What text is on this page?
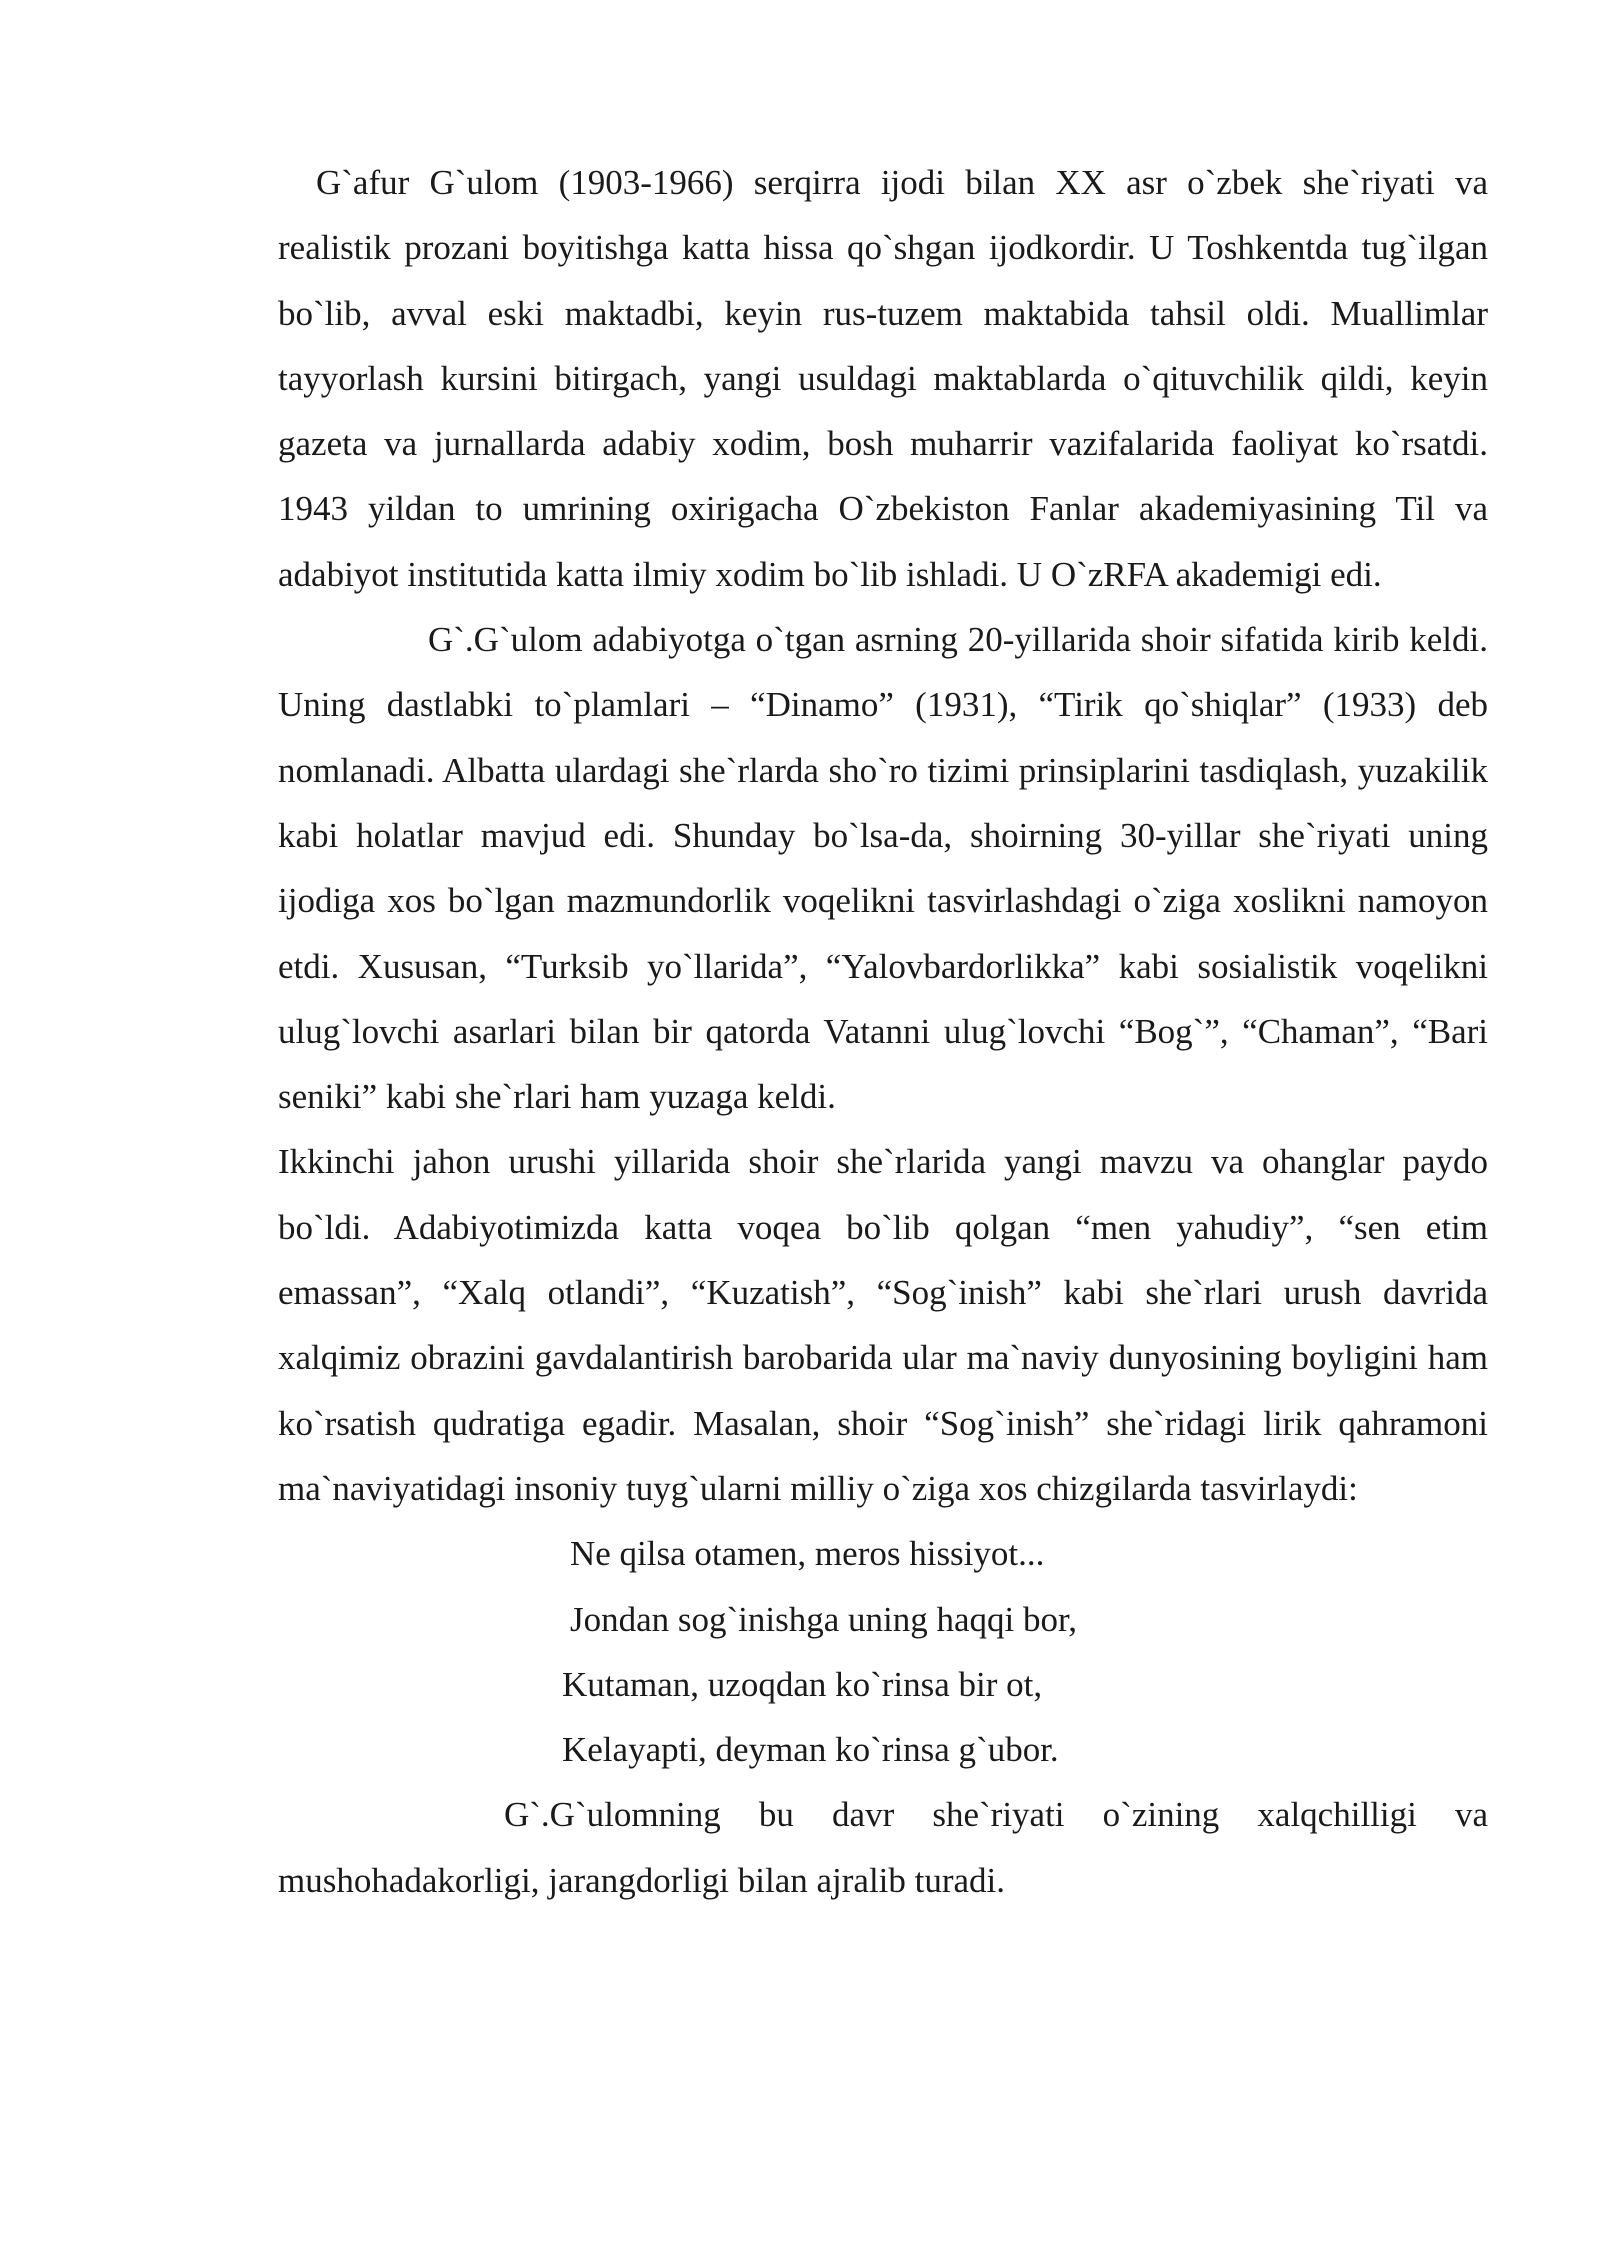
G`afur G`ulom (1903-1966) serqirra ijodi bilan XX asr o`zbek she`riyati va realistik prozani boyitishga katta hissa qo`shgan ijodkordir. U Toshkentda tug`ilgan bo`lib, avval eski maktadbi, keyin rus-tuzem maktabida tahsil oldi. Muallimlar tayyorlash kursini bitirgach, yangi usuldagi maktablarda o`qituvchilik qildi, keyin gazeta va jurnallarda adabiy xodim, bosh muharrir vazifalarida faoliyat ko`rsatdi. 1943 yildan to umrining oxirigacha O`zbekiston Fanlar akademiyasining Til va adabiyot institutida katta ilmiy xodim bo`lib ishladi. U O`zRFA akademigi edi.

G`.G`ulom adabiyotga o`tgan asrning 20-yillarida shoir sifatida kirib keldi. Uning dastlabki to`plamlari – “Dinamo” (1931), “Tirik qo`shiqlar” (1933) deb nomlanadi. Albatta ulardagi she`rlarda sho`ro tizimi prinsiplarini tasdiqlash, yuzakilik kabi holatlar mavjud edi. Shunday bo`lsa-da, shoirning 30-yillar she`riyati uning ijodiga xos bo`lgan mazmundorlik voqelikni tasvirlashdagi o`ziga xoslikni namoyon etdi. Xususan, “Turksib yo`llarida”, “Yalovbardorlikka” kabi sosialistik voqelikni ulug`lovchi asarlari bilan bir qatorda Vatanni ulug`lovchi “Bog`”, “Chaman”, “Bari seniki” kabi she`rlari ham yuzaga keldi.

Ikkinchi jahon urushi yillarida shoir she`rlarida yangi mavzu va ohanglar paydo bo`ldi. Adabiyotimizda katta voqea bo`lib qolgan “men yahudiy”, “sen etim emassan”, “Xalq otlandi”, “Kuzatish”, “Sog`inish” kabi she`rlari urush davrida xalqimiz obrazini gavdalantirish barobarida ular ma`naviy dunyosining boyligini ham ko`rsatish qudratiga egadir. Masalan, shoir “Sog`inish” she`ridagi lirik qahramoni ma`naviyatidagi insoniy tuyg`ularni milliy o`ziga xos chizgilarda tasvirlaydi:

Ne qilsa otamen, meros hissiyot...
Jondan sog`inishga uning haqqi bor,
Kutaman, uzoqdan ko`rinsa bir ot,
Kelayapti, deyman ko`rinsa g`ubor.

G`.G`ulomning bu davr she`riyati o`zining xalqchilligi va mushohadakorligi, jarangdorligi bilan ajralib turadi.
